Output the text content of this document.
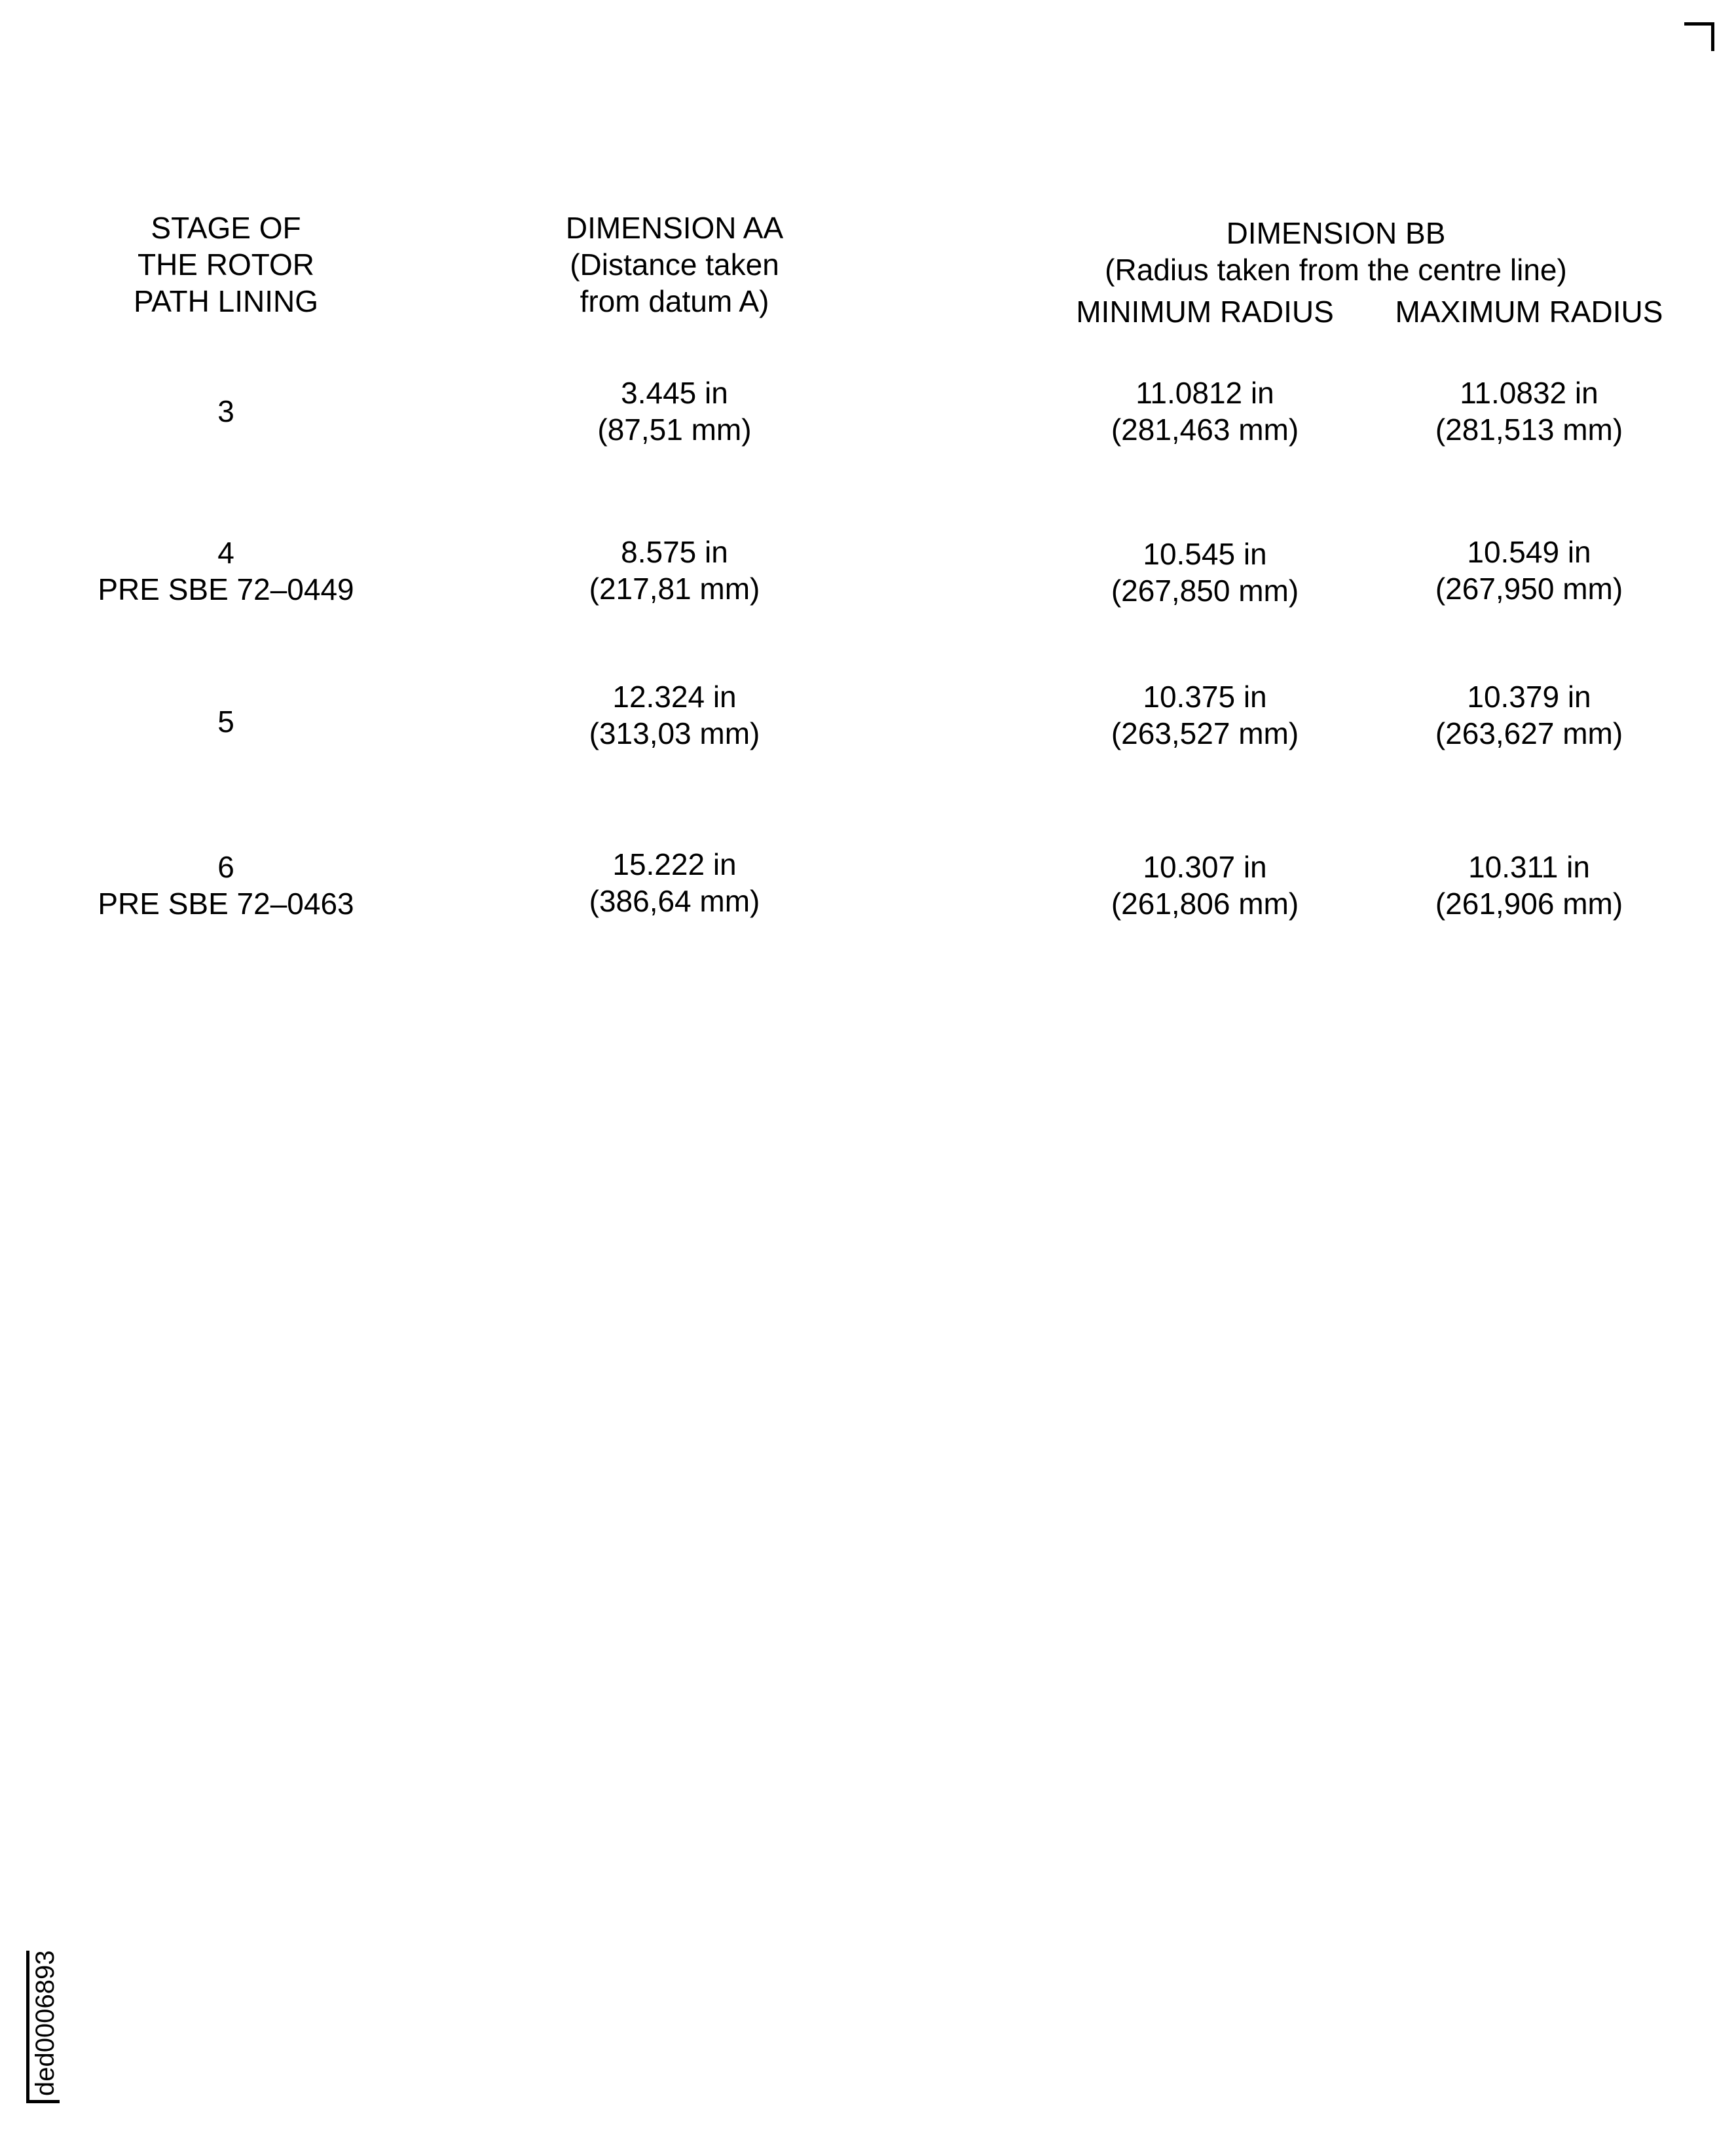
STAGE OF
THE ROTOR
PATH LINING
DIMENSION AA
(Distance taken
from datum A)
DIMENSION BB
(Radius taken from the centre line)
MINIMUM RADIUS	MAXIMUM RADIUS
3
3.445 in
(87,51 mm)
11.0812 in
(281,463 mm)
11.0832 in
(281,513 mm)
4
PRE SBE 72–0449
8.575 in
(217,81 mm)
10.545 in
(267,850 mm)
10.549 in
(267,950 mm)
5
12.324 in
(313,03 mm)
10.375 in
(263,527 mm)
10.379 in
(263,627 mm)
6
PRE SBE 72–0463
15.222 in
(386,64 mm)
10.307 in
(261,806 mm)
10.311 in
(261,906 mm)
ded0006893
